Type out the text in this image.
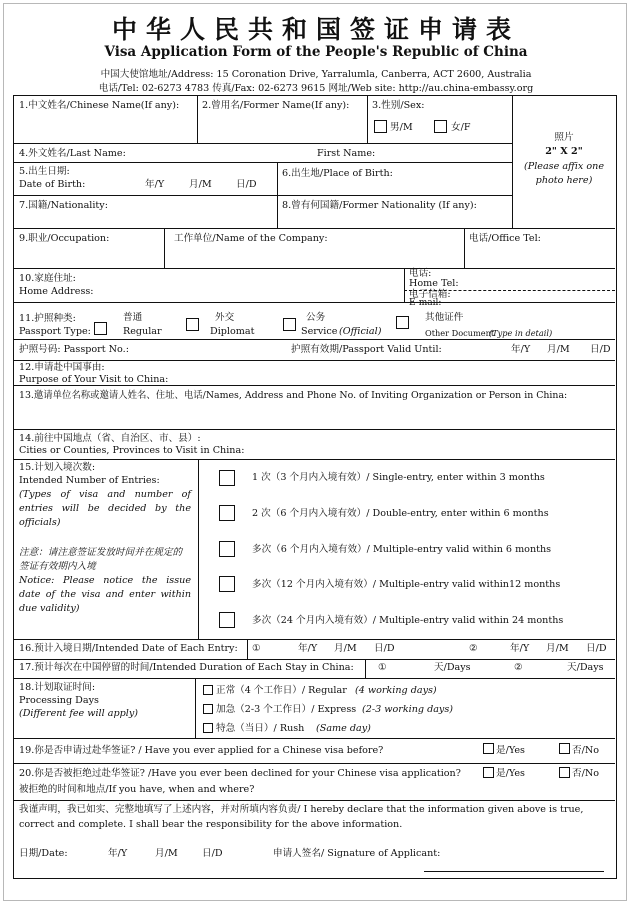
中华人民共和国签证申请表
Visa Application Form of the People's Republic of China
中国大使馆地址/Address: 15 Coronation Drive, Yarralumla, Canberra, ACT 2600, Australia
电话/Tel: 02-6273 4783 传真/Fax: 02-6273 9615 网址/Web site: http://au.china-embassy.org
1.中文姓名/Chinese Name(If any): 2.曾用名/Former Name(If any): 3.性别/Sex:
男/M	女/F
照片
2" X 2"
(Please affix one photo here)
4.外文姓名/Last Name:	First Name:
5.出生日期:
Date of Birth:	年/Y	月/M	日/D
6.出生地/Place of Birth:
7.国籍/Nationality:	8.曾有何国籍/Former Nationality (If any):
9.职业/Occupation:	工作单位/Name of the Company:	电话/Office Tel:
10.家庭住址:
Home Address:
电话:
Home Tel:
电子信箱:
E-mail:
11.护照种类:
Passport Type:
普通
Regular
外交
Diplomat
公务
Service (Official)
其他证件
Other Document
(Type in detail)
护照号码: Passport No.:	护照有效期/Passport Valid Until:	年/Y 月/M 日/D
12.申请赴中国事由:
Purpose of Your Visit to China:
13.邀请单位名称或邀请人姓名、住址、电话/Names, Address and Phone No. of Inviting Organization or Person in China:
14.前往中国地点（省、自治区、市、县）:
Cities or Counties, Provinces to Visit in China:
15.计划入境次数:
Intended Number of Entries:
(Types of visa and number of entries will be decided by the officials)
注意：请注意签证发放时间并在规定的签证有效期内入境
Notice: Please notice the issue date of the visa and enter within due validity)
1 次（3 个月内入境有效）/ Single-entry, enter within 3 months
2 次（6 个月内入境有效）/ Double-entry, enter within 6 months
多次（6 个月内入境有效）/ Multiple-entry valid within 6 months
多次（12 个月内入境有效）/ Multiple-entry valid within12 months
多次（24 个月内入境有效）/ Multiple-entry valid within 24 months
16.预计入境日期/Intended Date of Each Entry: ①	年/Y 月/M 日/D	②	年/Y 月/M 日/D
17.预计每次在中国停留的时间/Intended Duration of Each Stay in China:	①	天/Days	②	天/Days
18.计划取证时间:
Processing Days
(Different fee will apply)
正常（4 个工作日）/ Regular (4 working days)
加急（2-3 个工作日）/ Express (2-3 working days)
特急（当日）/ Rush (Same day)
19.你是否申请过赴华签证? / Have you ever applied for a Chinese visa before?	是/Yes	否/No
20.你是否被拒绝过赴华签证? /Have you ever been declined for your Chinese visa application?	是/Yes	否/No
被拒绝的时间和地点/If you have, when and where?
我谨声明，我已如实、完整地填写了上述内容，并对所填内容负责/ I hereby declare that the information given above is true, correct and complete. I shall bear the responsibility for the above information.
日期/Date:	年/Y	月/M	日/D	申请人签名/ Signature of Applicant:
